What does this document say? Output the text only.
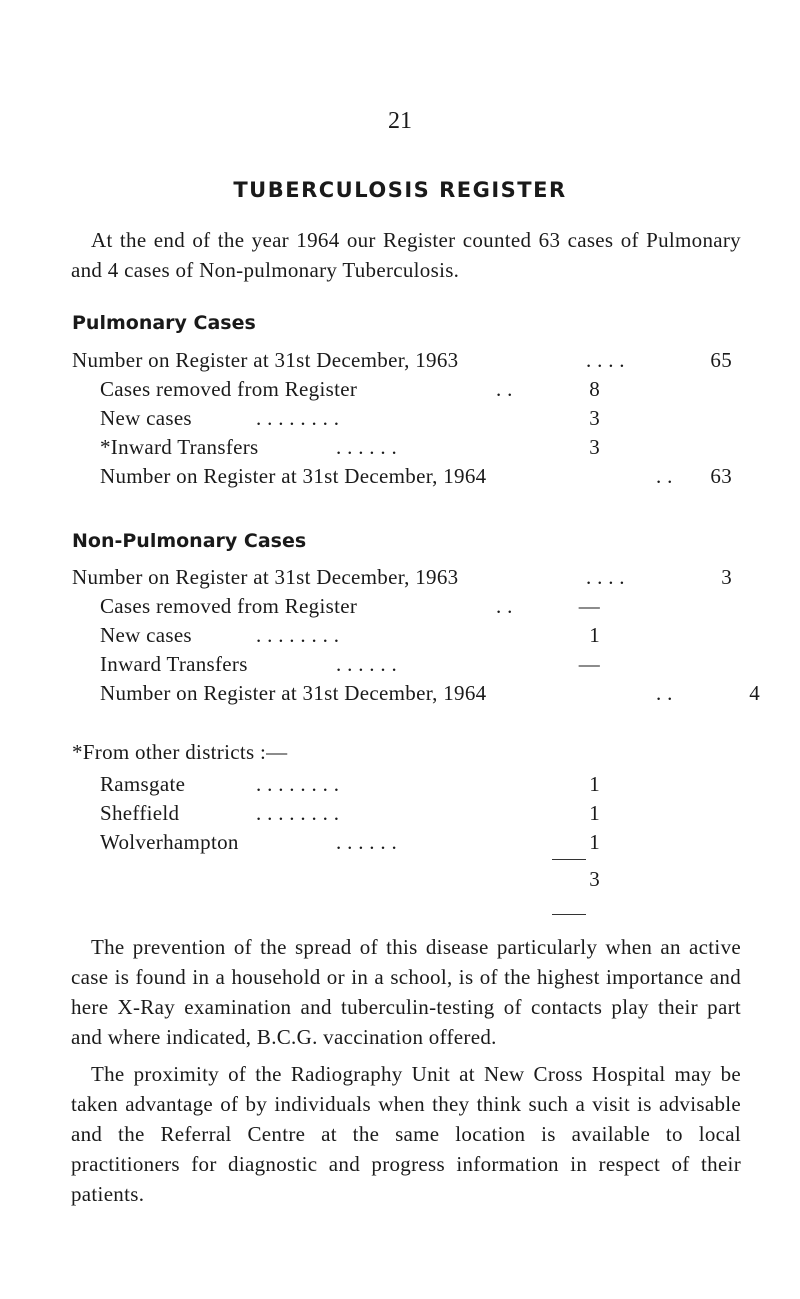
21
TUBERCULOSIS REGISTER

At the end of the year 1964 our Register counted 63 cases of Pulmonary and 4 cases of Non-pulmonary Tuberculosis.

Pulmonary Cases
Number on Register at 31st December, 1963	. . . .	65
Cases removed from Register	. .	8
New cases	. . . . . . . .	3
*Inward Transfers	. . . . . .	3
Number on Register at 31st December, 1964	. .	63
Non-Pulmonary Cases
Number on Register at 31st December, 1963	. . . .	3
Cases removed from Register	. .	—
New cases	. . . . . . . .	1
Inward Transfers	. . . . . .	—
Number on Register at 31st December, 1964	. .	4
*From other districts :—
Ramsgate	. . . . . . . .	1
Sheffield	. . . . . . . .	1
Wolverhampton	. . . . . .	1
3

The prevention of the spread of this disease particularly when an active case is found in a household or in a school, is of the highest importance and here X-Ray examination and tuberculin-testing of contacts play their part and where indicated, B.C.G. vaccination offered.

The proximity of the Radiography Unit at New Cross Hospital may be taken advantage of by individuals when they think such a visit is advisable and the Referral Centre at the same location is available to local practitioners for diagnostic and progress information in respect of their patients.
